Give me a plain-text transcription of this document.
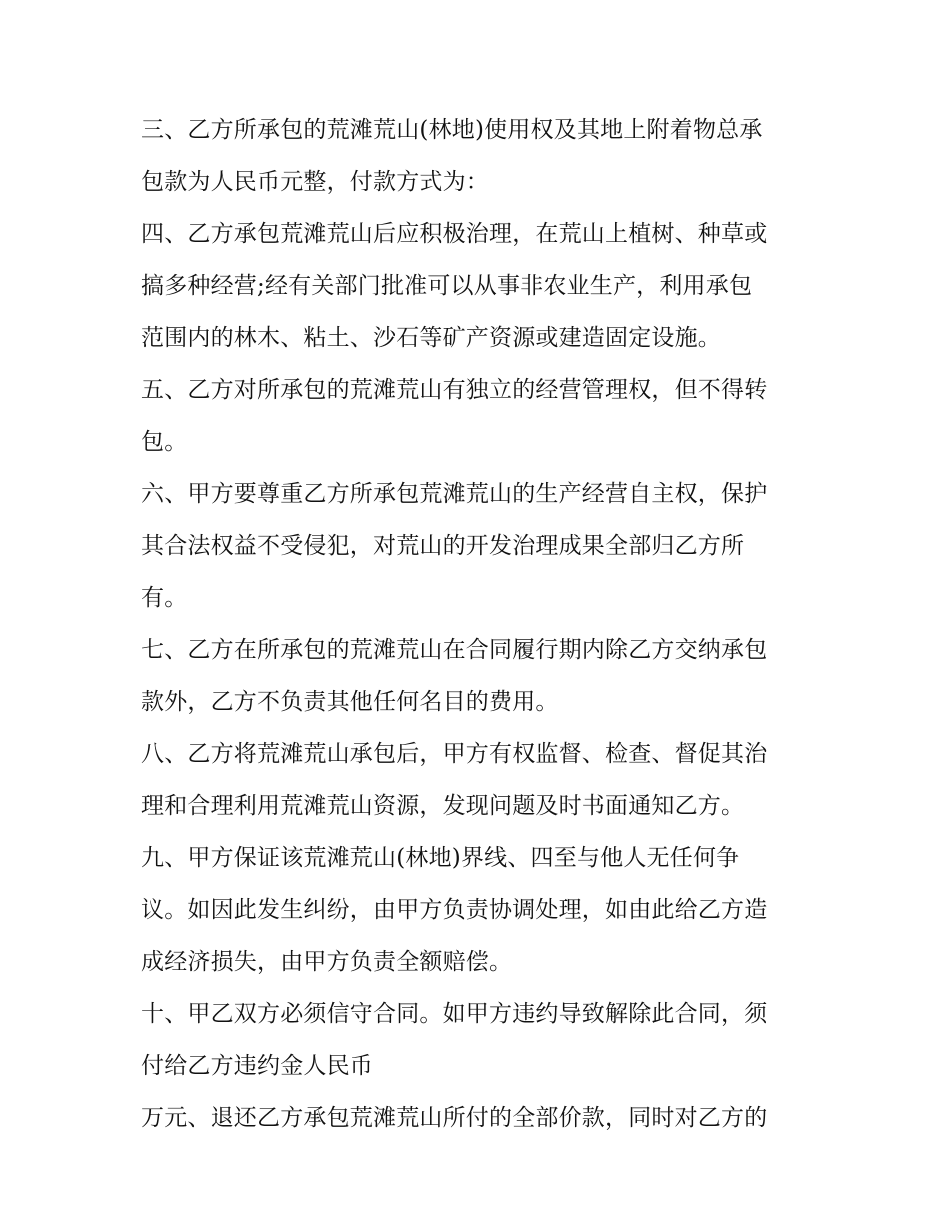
三、乙方所承包的荒滩荒山(林地)使用权及其地上附着物总承
包款为人民币元整，付款方式为：
四、乙方承包荒滩荒山后应积极治理，在荒山上植树、种草或
搞多种经营;经有关部门批准可以从事非农业生产，利用承包
范围内的林木、粘土、沙石等矿产资源或建造固定设施。
五、乙方对所承包的荒滩荒山有独立的经营管理权，但不得转
包。
六、甲方要尊重乙方所承包荒滩荒山的生产经营自主权，保护
其合法权益不受侵犯，对荒山的开发治理成果全部归乙方所
有。
七、乙方在所承包的荒滩荒山在合同履行期内除乙方交纳承包
款外，乙方不负责其他任何名目的费用。
八、乙方将荒滩荒山承包后，甲方有权监督、检查、督促其治
理和合理利用荒滩荒山资源，发现问题及时书面通知乙方。
九、甲方保证该荒滩荒山(林地)界线、四至与他人无任何争
议。如因此发生纠纷，由甲方负责协调处理，如由此给乙方造
成经济损失，由甲方负责全额赔偿。
十、甲乙双方必须信守合同。如甲方违约导致解除此合同，须
付给乙方违约金人民币
万元、退还乙方承包荒滩荒山所付的全部价款，同时对乙方的
